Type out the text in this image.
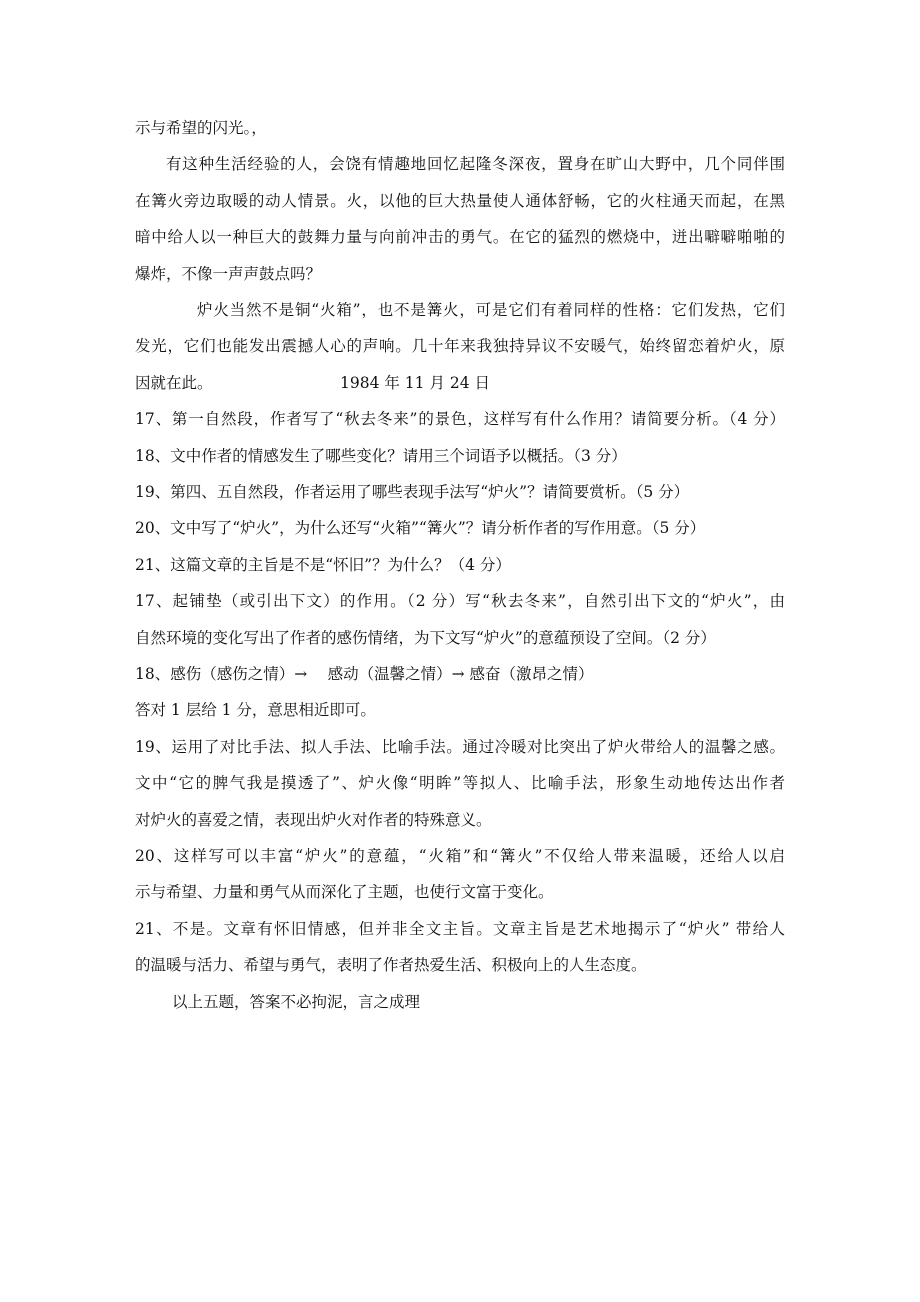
示与希望的闪光。，
有这种生活经验的人，会饶有情趣地回忆起隆冬深夜，置身在旷山大野中，几个同伴围
在篝火旁边取暖的动人情景。火，以他的巨大热量使人通体舒畅，它的火柱通天而起，在黑
暗中给人以一种巨大的鼓舞力量与向前冲击的勇气。在它的猛烈的燃烧中，迸出噼噼啪啪的
爆炸，不像一声声鼓点吗？
炉火当然不是铜“火箱”，也不是篝火，可是它们有着同样的性格：它们发热，它们
发光，它们也能发出震撼人心的声响。几十年来我独持异议不安暖气，始终留恋着炉火，原
因就在此。	1984 年 11 月 24 日
17、第一自然段，作者写了“秋去冬来”的景色，这样写有什么作用？请简要分析。（4 分）
18、文中作者的情感发生了哪些变化？请用三个词语予以概括。（3 分）
19、第四、五自然段，作者运用了哪些表现手法写“炉火”？请简要赏析。（5 分）
20、文中写了“炉火”，为什么还写“火箱”“篝火”？请分析作者的写作用意。（5 分）
21、这篇文章的主旨是不是“怀旧”？为什么？（4 分）
17、起铺垫（或引出下文）的作用。（2 分）写“秋去冬来”，自然引出下文的“炉火”，由
自然环境的变化写出了作者的感伤情绪，为下文写“炉火”的意蕴预设了空间。（2 分）
18、感伤（感伤之情）→　 感动（温馨之情）→ 感奋（激昂之情）
答对 1 层给 1 分，意思相近即可。
19、运用了对比手法、拟人手法、比喻手法。通过冷暖对比突出了炉火带给人的温馨之感。
文中“它的脾气我是摸透了”、炉火像“明眸”等拟人、比喻手法，形象生动地传达出作者
对炉火的喜爱之情，表现出炉火对作者的特殊意义。
20、这样写可以丰富“炉火”的意蕴，“火箱”和“篝火”不仅给人带来温暖，还给人以启
示与希望、力量和勇气从而深化了主题，也使行文富于变化。
21、不是。文章有怀旧情感，但并非全文主旨。文章主旨是艺术地揭示了“炉火” 带给人
的温暖与活力、希望与勇气，表明了作者热爱生活、积极向上的人生态度。
以上五题，答案不必拘泥，言之成理
